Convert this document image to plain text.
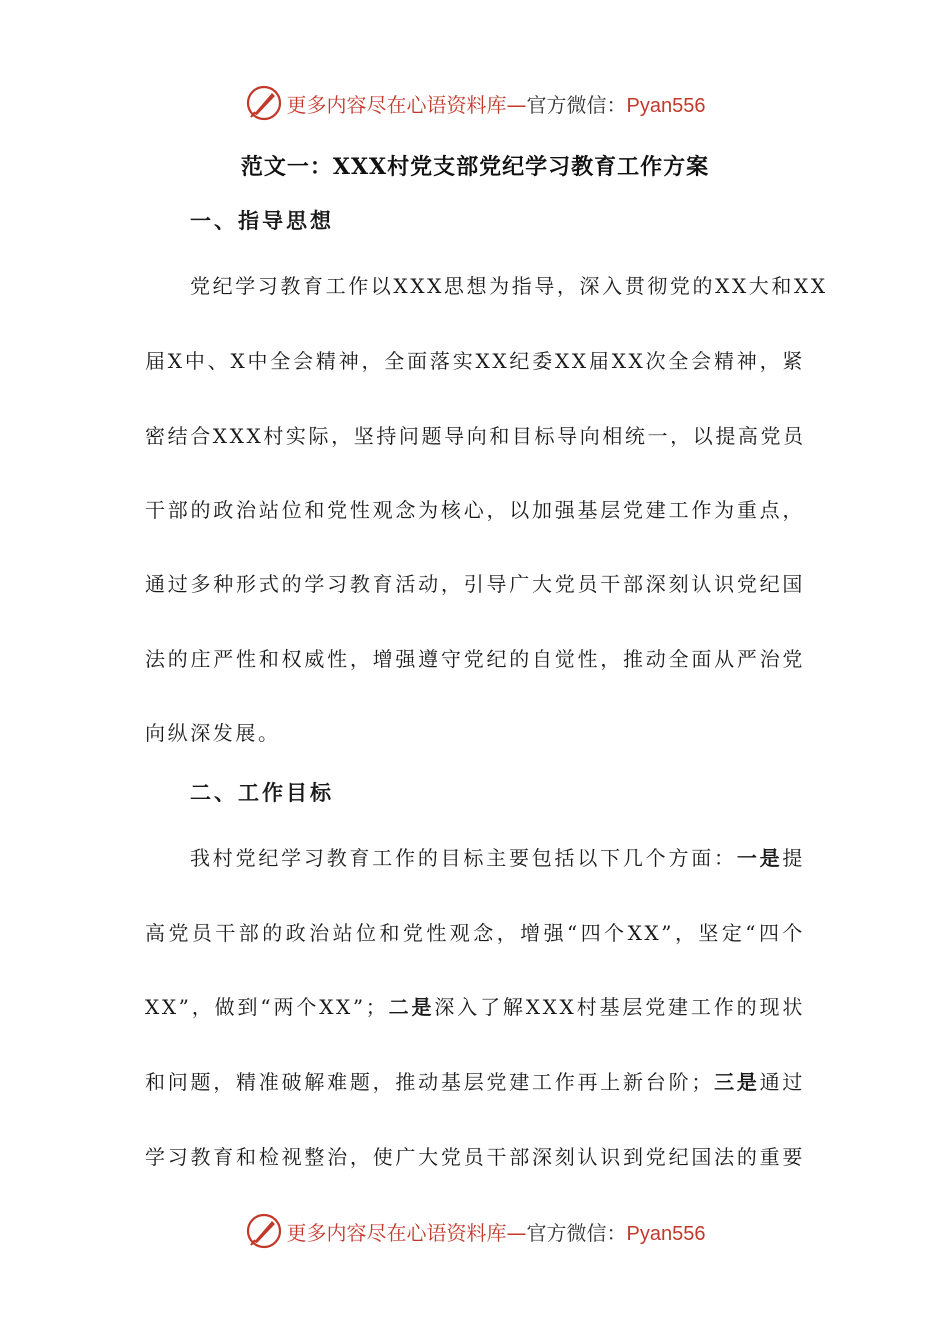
更多内容尽在心语资料库—官方微信：Pyan556
范文一：XXX村党支部党纪学习教育工作方案
一、指导思想
党纪学习教育工作以XXX思想为指导，深入贯彻党的XX大和XX
届X中、X中全会精神，全面落实XX纪委XX届XX次全会精神，紧
密结合XXX村实际，坚持问题导向和目标导向相统一，以提高党员
干部的政治站位和党性观念为核心，以加强基层党建工作为重点，
通过多种形式的学习教育活动，引导广大党员干部深刻认识党纪国
法的庄严性和权威性，增强遵守党纪的自觉性，推动全面从严治党
向纵深发展。
二、工作目标
我村党纪学习教育工作的目标主要包括以下几个方面：一是提
高党员干部的政治站位和党性观念，增强“四个XX”，坚定“四个
XX”，做到“两个XX”；二是深入了解XXX村基层党建工作的现状
和问题，精准破解难题，推动基层党建工作再上新台阶；三是通过
学习教育和检视整治，使广大党员干部深刻认识到党纪国法的重要
更多内容尽在心语资料库—官方微信：Pyan556
